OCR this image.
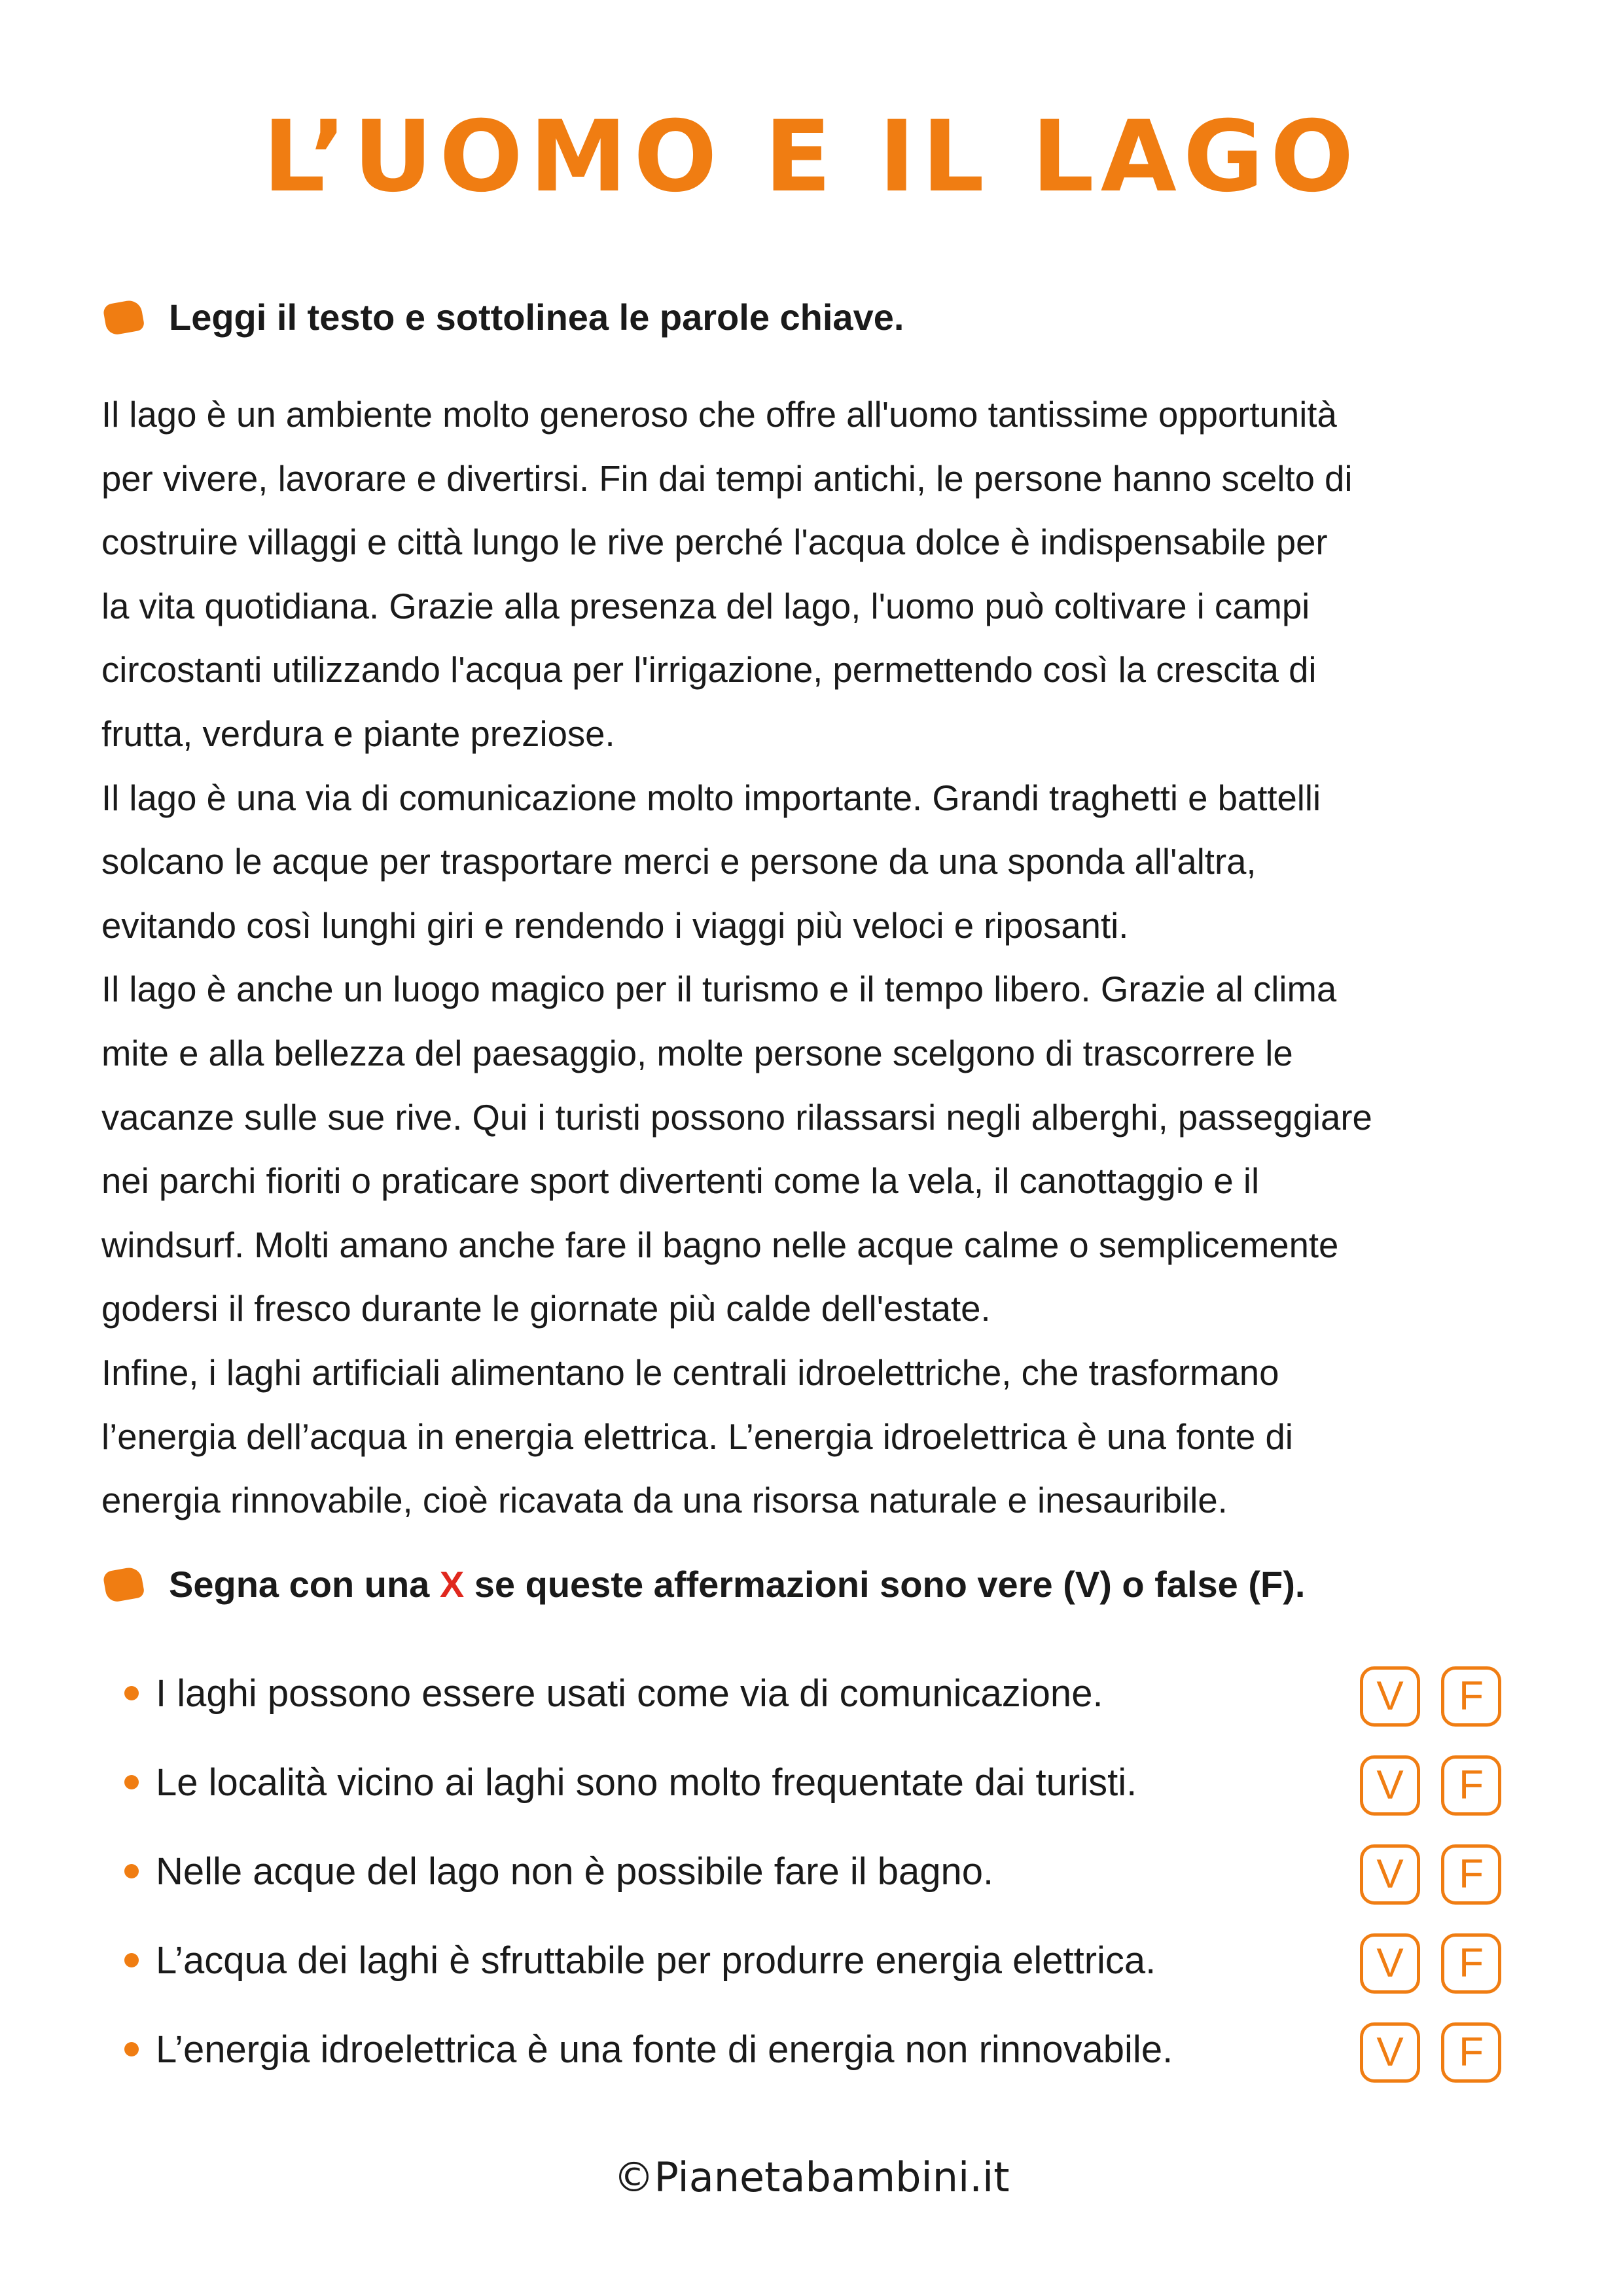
L’UOMO E IL LAGO
Leggi il testo e sottolinea le parole chiave.

Il lago è un ambiente molto generoso che offre all'uomo tantissime opportunità

per vivere, lavorare e divertirsi. Fin dai tempi antichi, le persone hanno scelto di

costruire villaggi e città lungo le rive perché l'acqua dolce è indispensabile per

la vita quotidiana. Grazie alla presenza del lago, l'uomo può coltivare i campi

circostanti utilizzando l'acqua per l'irrigazione, permettendo così la crescita di

frutta, verdura e piante preziose.

Il lago è una via di comunicazione molto importante. Grandi traghetti e battelli

solcano le acque per trasportare merci e persone da una sponda all'altra,

evitando così lunghi giri e rendendo i viaggi più veloci e riposanti.

Il lago è anche un luogo magico per il turismo e il tempo libero. Grazie al clima

mite e alla bellezza del paesaggio, molte persone scelgono di trascorrere le

vacanze sulle sue rive. Qui i turisti possono rilassarsi negli alberghi, passeggiare

nei parchi fioriti o praticare sport divertenti come la vela, il canottaggio e il

windsurf. Molti amano anche fare il bagno nelle acque calme o semplicemente

godersi il fresco durante le giornate più calde dell'estate.

Infine, i laghi artificiali alimentano le centrali idroelettriche, che trasformano

l’energia dell’acqua in energia elettrica. L’energia idroelettrica è una fonte di

energia rinnovabile, cioè ricavata da una risorsa naturale e inesauribile.

Segna con una X se queste affermazioni sono vere (V) o false (F).
I laghi possono essere usati come via di comunicazione.	V	F
Le località vicino ai laghi sono molto frequentate dai turisti.	V	F
Nelle acque del lago non è possibile fare il bagno.	V	F
L’acqua dei laghi è sfruttabile per produrre energia elettrica.	V	F
L’energia idroelettrica è una fonte di energia non rinnovabile.	V	F
©Pianetabambini.it
